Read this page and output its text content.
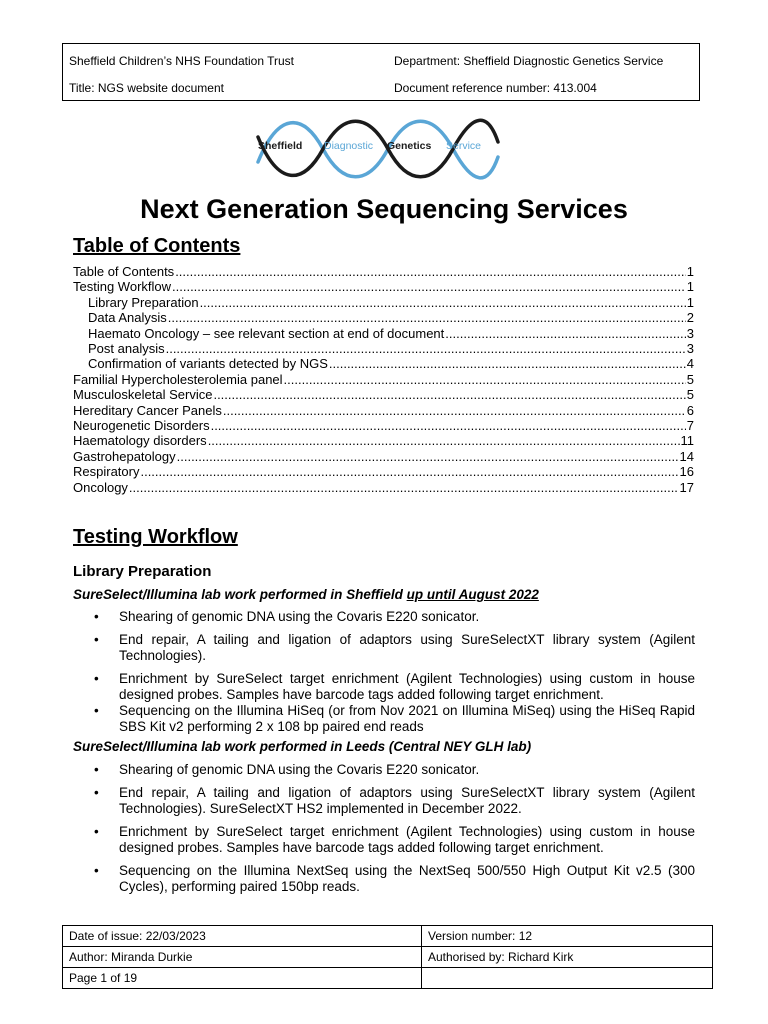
Sheffield Children’s NHS Foundation Trust	Department: Sheffield Diagnostic Genetics Service
Title: NGS website document	Document reference number: 413.004
Sheffield Diagnostic Genetics Service
Next Generation Sequencing Services
Table of Contents
Table of Contents .....	1
Testing Workflow .....	1
Library Preparation .....	1
Data Analysis .....	2
Haemato Oncology – see relevant section at end of document .....	3
Post analysis .....	3
Confirmation of variants detected by NGS .....	4
Familial Hypercholesterolemia panel .....	5
Musculoskeletal Service .....	5
Hereditary Cancer Panels .....	6
Neurogenetic Disorders .....	7
Haematology disorders .....	11
Gastrohepatology .....	14
Respiratory .....	16
Oncology .....	17
Testing Workflow
Library Preparation
SureSelect/Illumina lab work performed in Sheffield up until August 2022
• Shearing of genomic DNA using the Covaris E220 sonicator.
• End repair, A tailing and ligation of adaptors using SureSelectXT library system (Agilent Technologies).
• Enrichment by SureSelect target enrichment (Agilent Technologies) using custom in house designed probes. Samples have barcode tags added following target enrichment.
• Sequencing on the Illumina HiSeq (or from Nov 2021 on Illumina MiSeq) using the HiSeq Rapid SBS Kit v2 performing 2 x 108 bp paired end reads
SureSelect/Illumina lab work performed in Leeds (Central NEY GLH lab)
• Shearing of genomic DNA using the Covaris E220 sonicator.
• End repair, A tailing and ligation of adaptors using SureSelectXT library system (Agilent Technologies). SureSelectXT HS2 implemented in December 2022.
• Enrichment by SureSelect target enrichment (Agilent Technologies) using custom in house designed probes. Samples have barcode tags added following target enrichment.
• Sequencing on the Illumina NextSeq using the NextSeq 500/550 High Output Kit v2.5 (300 Cycles), performing paired 150bp reads.
Date of issue: 22/03/2023	Version number: 12
Author: Miranda Durkie	Authorised by: Richard Kirk
Page 1 of 19	
